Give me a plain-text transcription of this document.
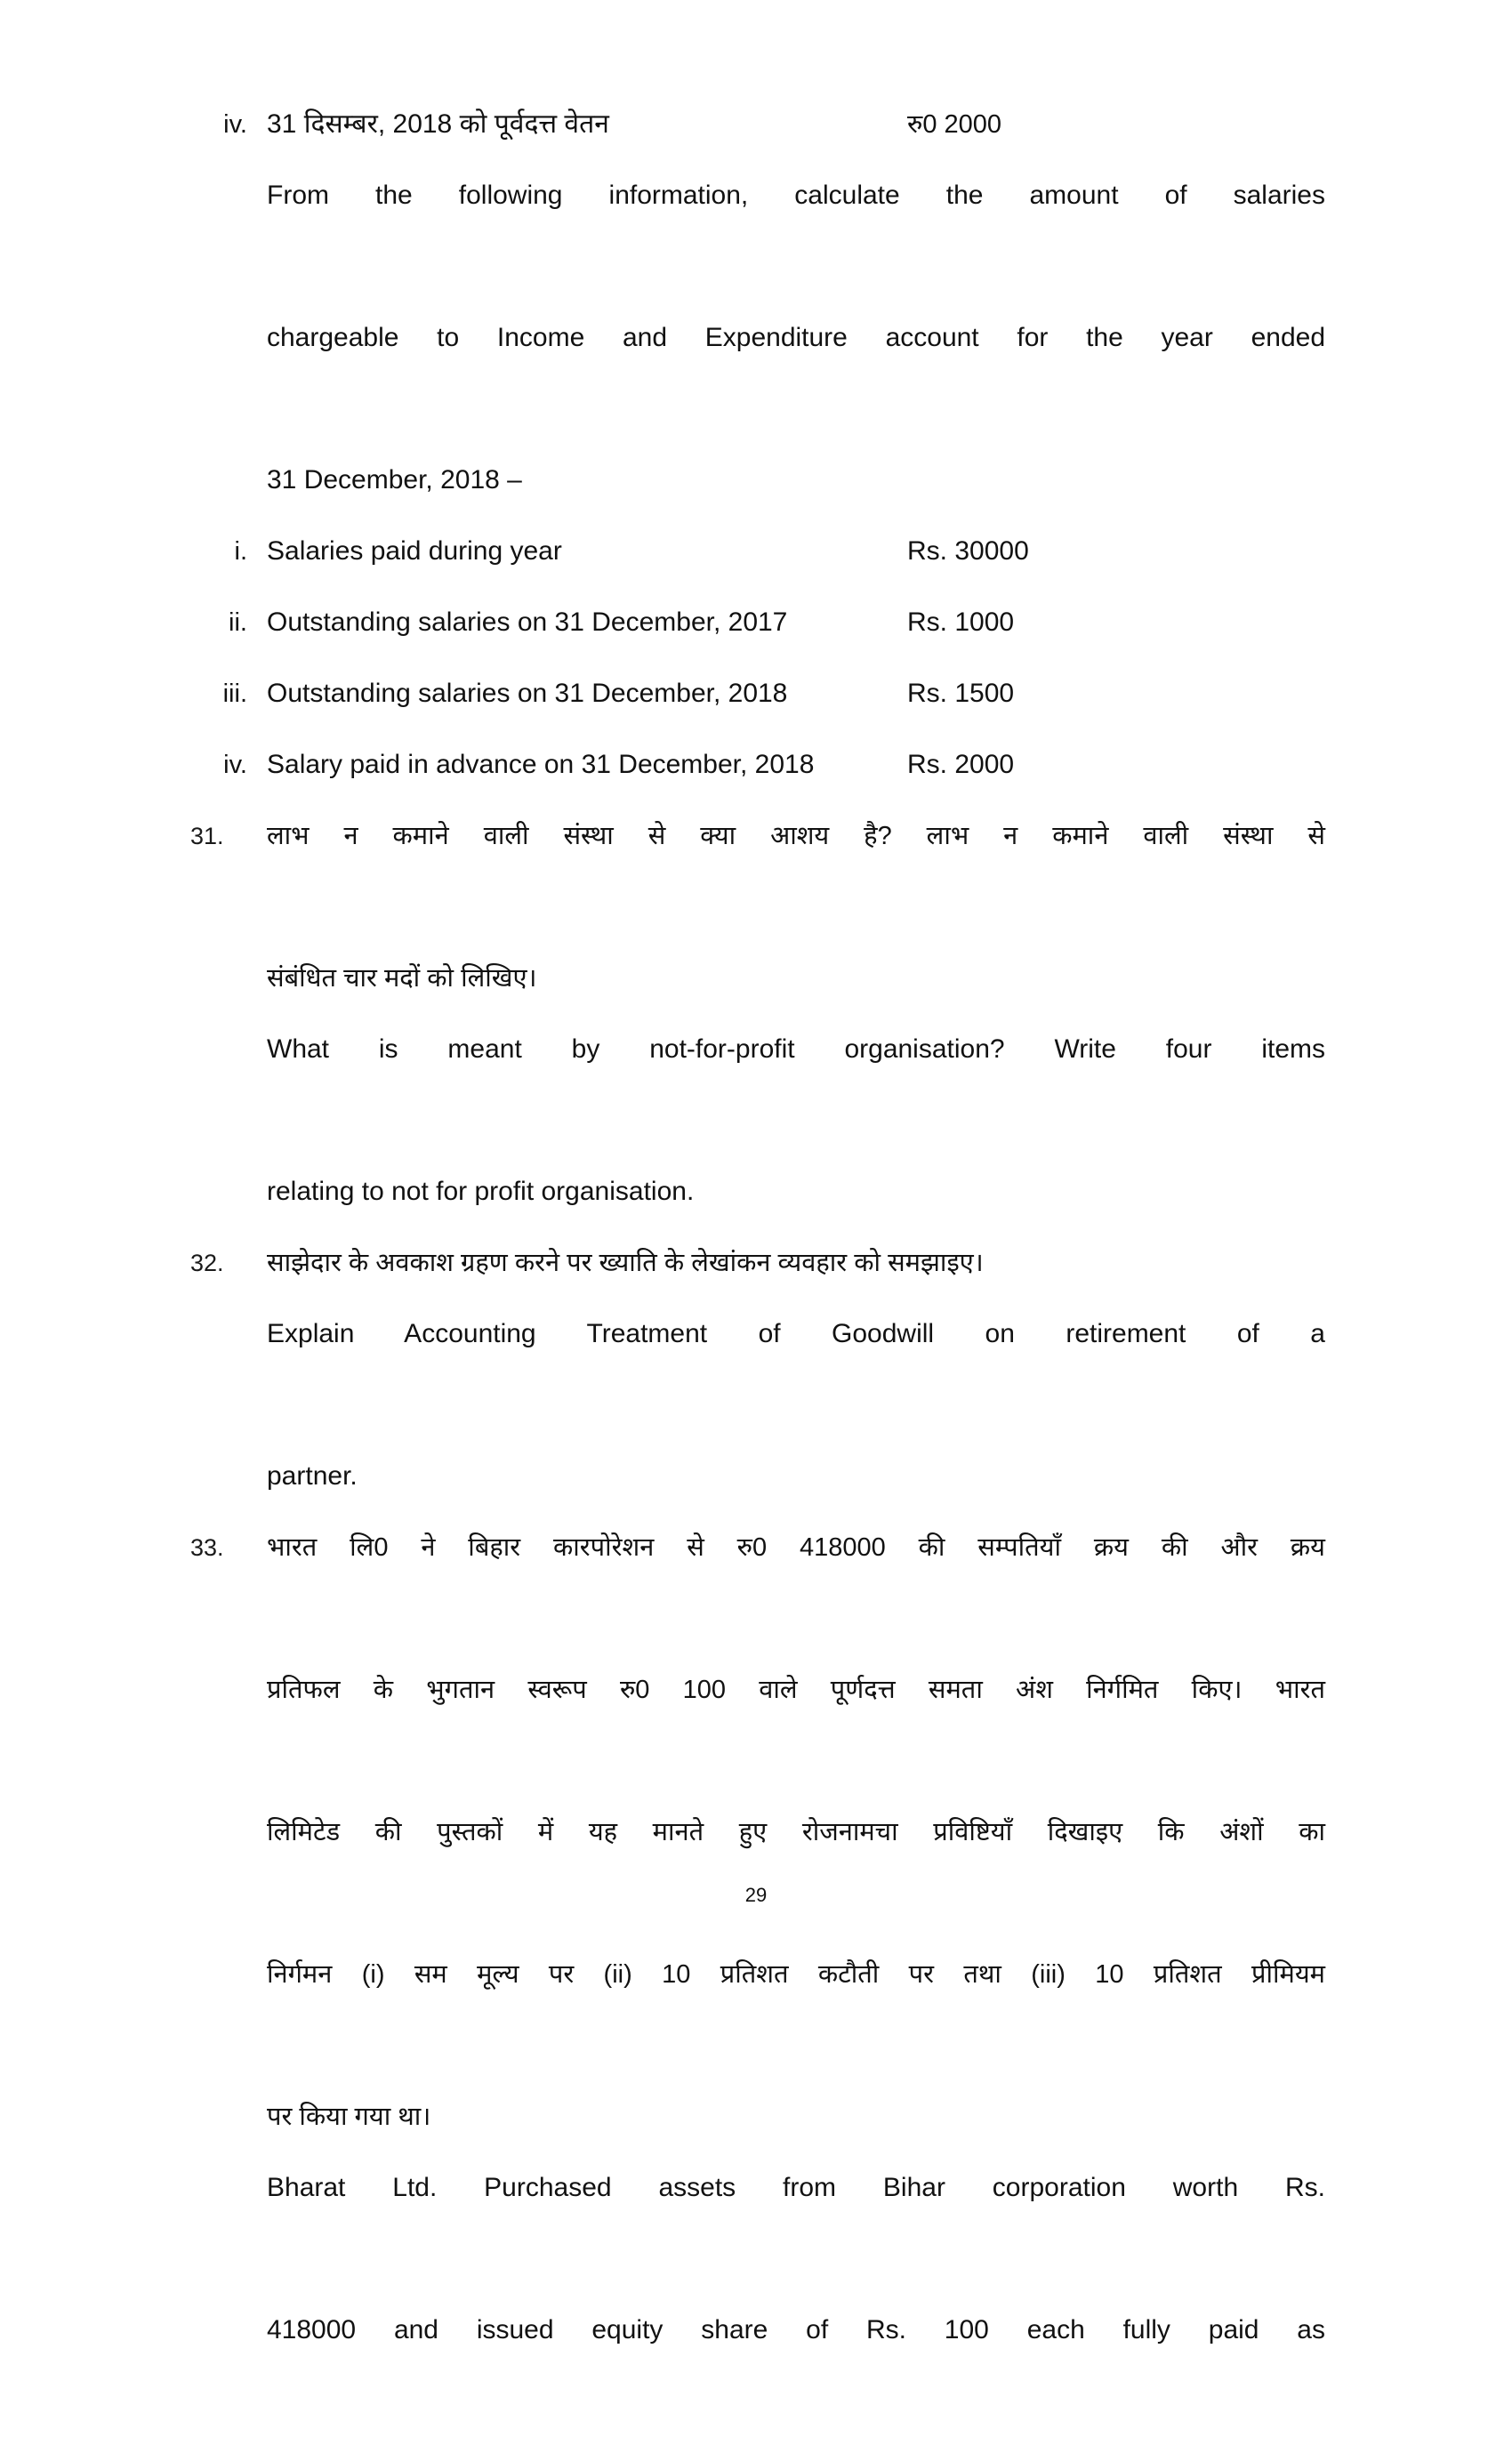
iv. 31 दिसम्बर, 2018 को पूर्वदत्त वेतन	रु0 2000
From the following information, calculate the amount of salaries
chargeable to Income and Expenditure account for the year ended
31 December, 2018 –
i. Salaries paid during year	Rs. 30000
ii. Outstanding salaries on 31 December, 2017	Rs. 1000
iii. Outstanding salaries on 31 December, 2018	Rs. 1500
iv. Salary paid in advance on 31 December, 2018	Rs. 2000
31.	लाभ न कमाने वाली संस्था से क्या आशय है? लाभ न कमाने वाली संस्था से
संबंधित चार मदों को लिखिए।
What is meant by not-for-profit organisation? Write four items
relating to not for profit organisation.
32.	साझेदार के अवकाश ग्रहण करने पर ख्याति के लेखांकन व्यवहार को समझाइए।
Explain Accounting Treatment of Goodwill on retirement of a
partner.
33.	भारत लि0 ने बिहार कारपोरेशन से रु0 418000 की सम्पतियाँ क्रय की और क्रय
प्रतिफल के भुगतान स्वरूप रु0 100 वाले पूर्णदत्त समता अंश निर्गमित किए। भारत
लिमिटेड की पुस्तकों में यह मानते हुए रोजनामचा प्रविष्टियाँ दिखाइए कि अंशों का
निर्गमन (i) सम मूल्य पर (ii) 10 प्रतिशत कटौती पर तथा (iii) 10 प्रतिशत प्रीमियम
पर किया गया था।
Bharat Ltd. Purchased assets from Bihar corporation worth Rs.
418000 and issued equity share of Rs. 100 each fully paid as
29
